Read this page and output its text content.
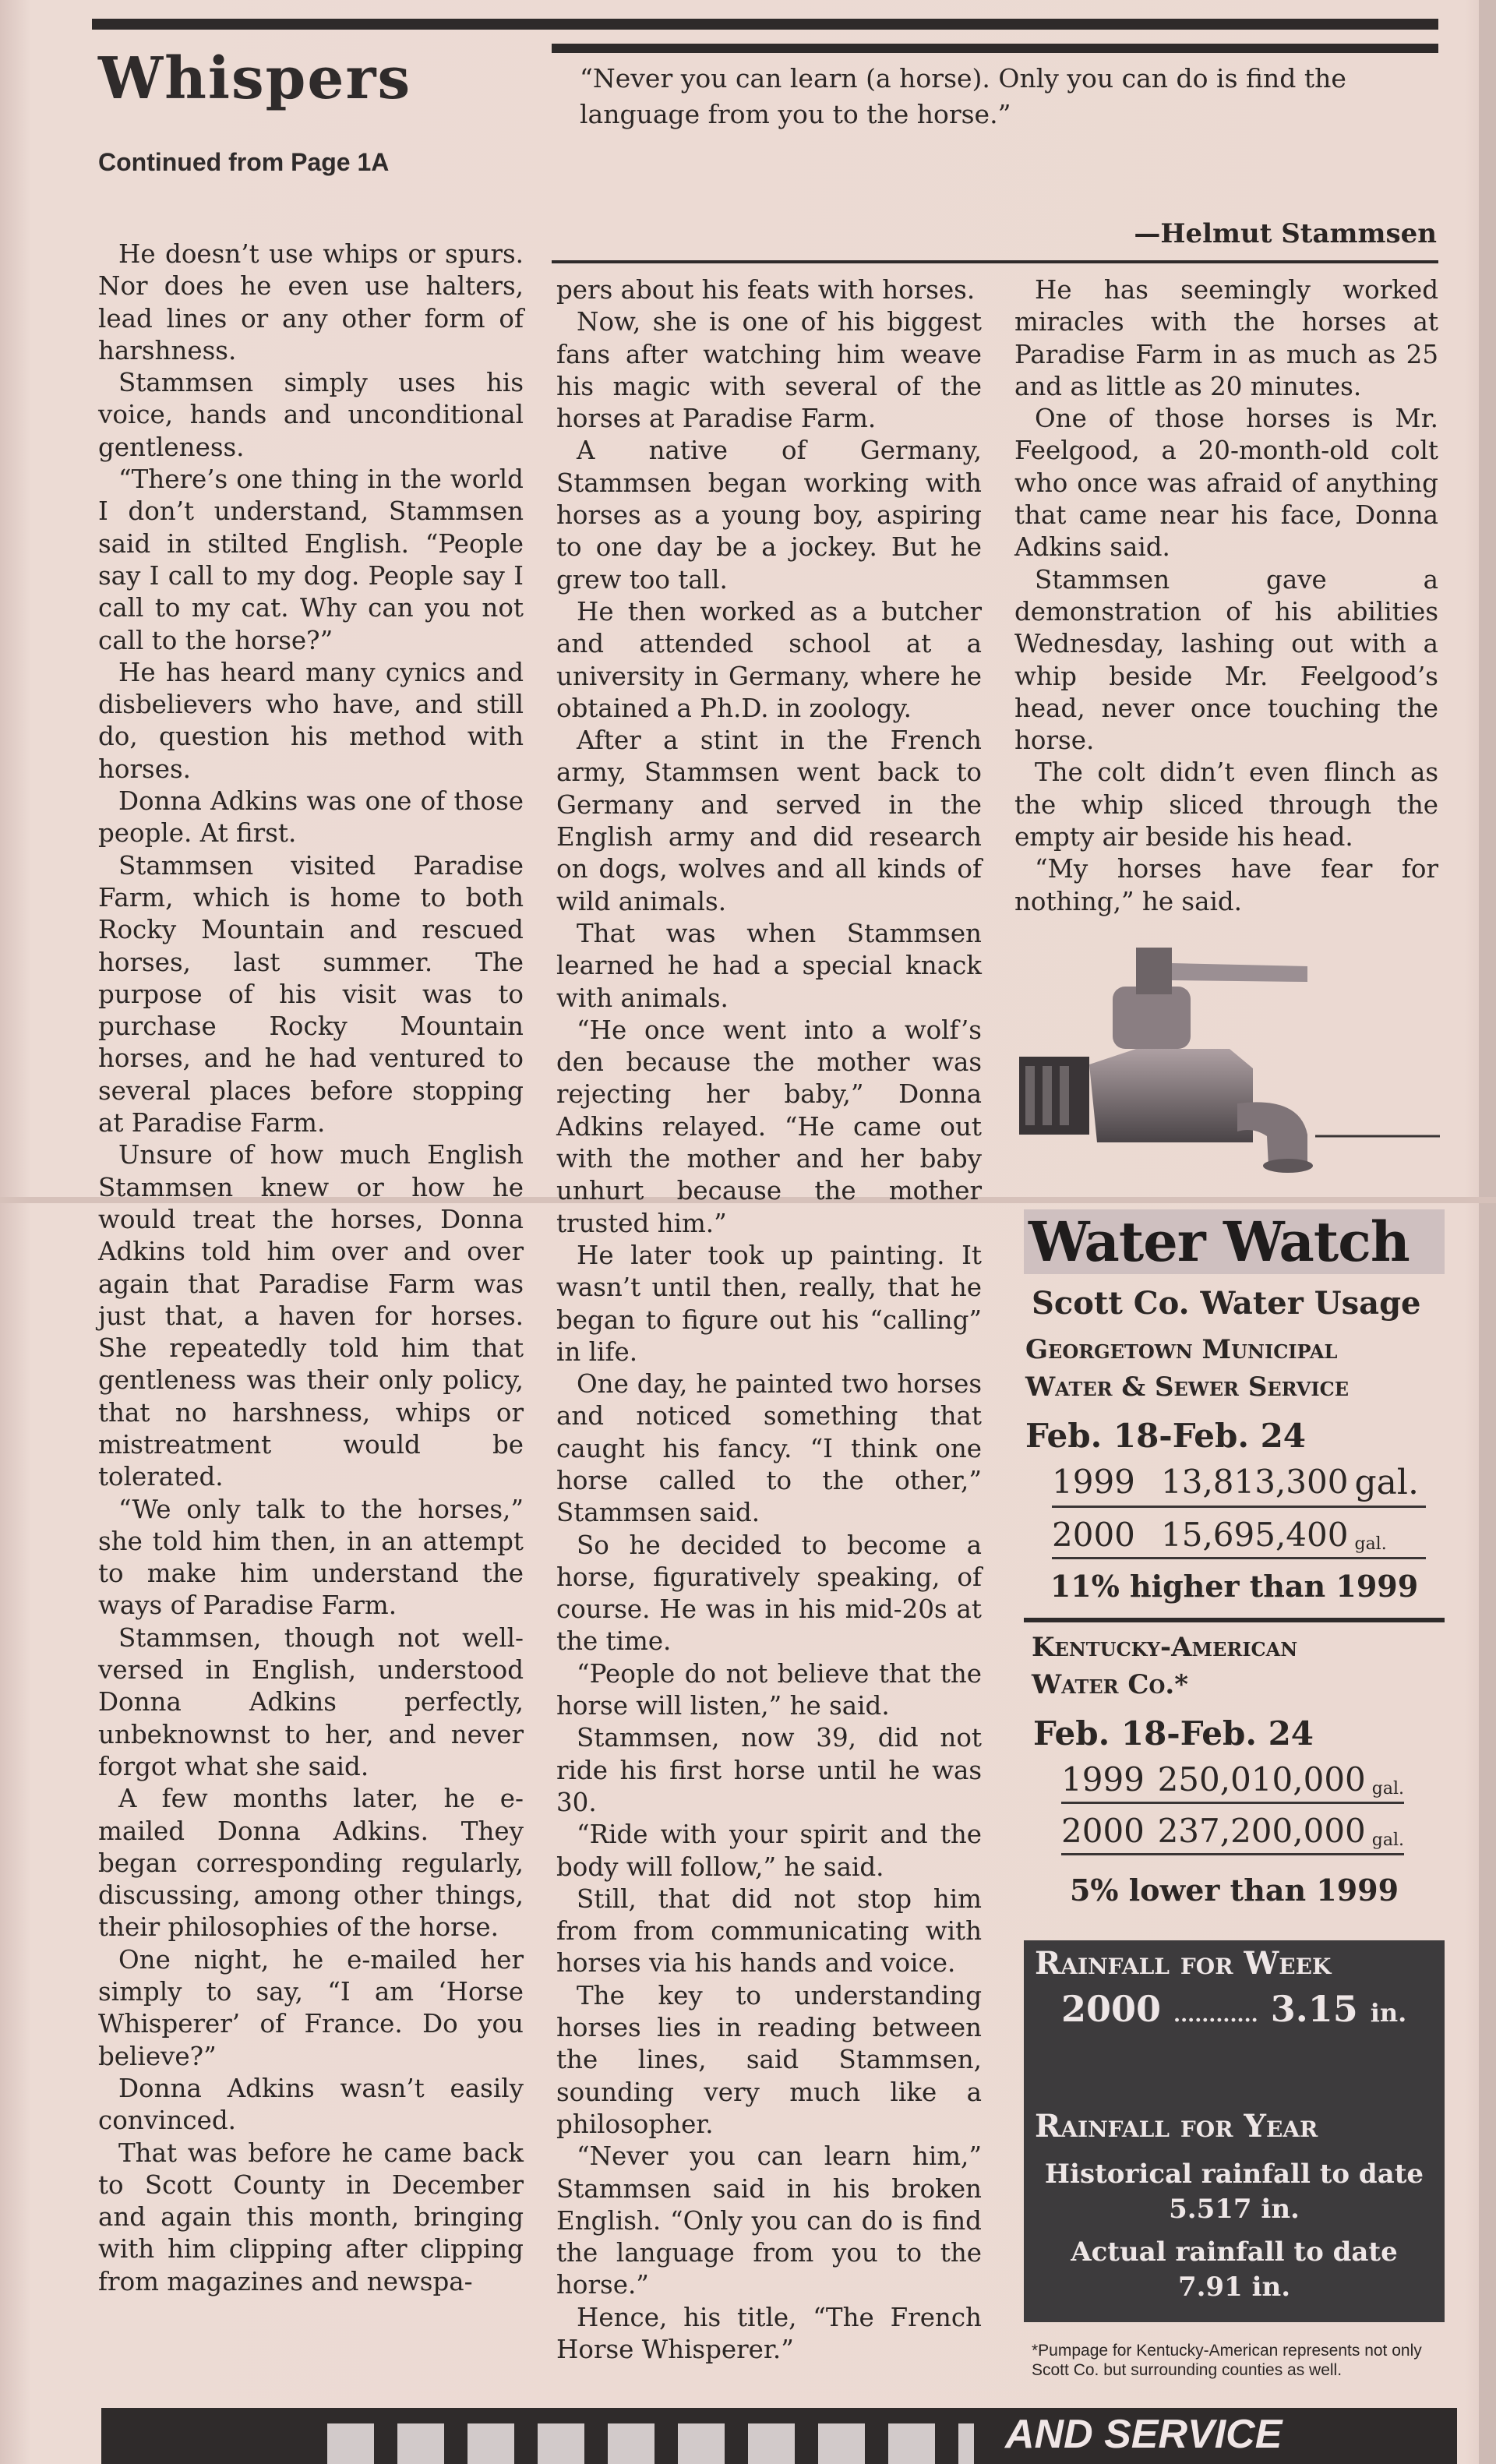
Whispers
Continued from Page 1A
“Never you can learn (a horse). Only you can do is find the language from you to the horse.”
—Helmut Stammsen

He doesn’t use whips or spurs. Nor does he even use halters, lead lines or any other form of harshness.

Stammsen simply uses his voice, hands and unconditional gentleness.

“There’s one thing in the world I don’t understand, Stammsen said in stilted English. “People say I call to my dog. People say I call to my cat. Why can you not call to the horse?”

He has heard many cynics and disbelievers who have, and still do, question his method with horses.

Donna Adkins was one of those people. At first.

Stammsen visited Paradise Farm, which is home to both Rocky Mountain and rescued horses, last summer. The purpose of his visit was to purchase Rocky Mountain horses, and he had ventured to several places before stopping at Paradise Farm.

Unsure of how much English Stammsen knew or how he would treat the horses, Donna Adkins told him over and over again that Paradise Farm was just that, a haven for horses. She repeatedly told him that gentleness was their only policy, that no harshness, whips or mistreatment would be tolerated.

“We only talk to the horses,” she told him then, in an attempt to make him understand the ways of Paradise Farm.

Stammsen, though not well-versed in English, understood Donna Adkins perfectly, unbeknownst to her, and never forgot what she said.

A few months later, he e-mailed Donna Adkins. They began corresponding regularly, discussing, among other things, their philosophies of the horse.

One night, he e-mailed her simply to say, “I am ‘Horse Whisperer’ of France. Do you believe?”

Donna Adkins wasn’t easily convinced.

That was before he came back to Scott County in December and again this month, bringing with him clipping after clipping from magazines and newspa-

pers about his feats with horses.

Now, she is one of his biggest fans after watching him weave his magic with several of the horses at Paradise Farm.

A native of Germany, Stammsen began working with horses as a young boy, aspiring to one day be a jockey. But he grew too tall.

He then worked as a butcher and attended school at a university in Germany, where he obtained a Ph.D. in zoology.

After a stint in the French army, Stammsen went back to Germany and served in the English army and did research on dogs, wolves and all kinds of wild animals.

That was when Stammsen learned he had a special knack with animals.

“He once went into a wolf’s den because the mother was rejecting her baby,” Donna Adkins relayed. “He came out with the mother and her baby unhurt because the mother trusted him.”

He later took up painting. It wasn’t until then, really, that he began to figure out his “calling” in life.

One day, he painted two horses and noticed something that caught his fancy. “I think one horse called to the other,” Stammsen said.

So he decided to become a horse, figuratively speaking, of course. He was in his mid-20s at the time.

“People do not believe that the horse will listen,” he said.

Stammsen, now 39, did not ride his first horse until he was 30.

“Ride with your spirit and the body will follow,” he said.

Still, that did not stop him from from communicating with horses via his hands and voice.

The key to understanding horses lies in reading between the lines, said Stammsen, sounding very much like a philosopher.

“Never you can learn him,” Stammsen said in his broken English. “Only you can do is find the language from you to the horse.”

Hence, his title, “The French Horse Whisperer.”

He has seemingly worked miracles with the horses at Paradise Farm in as much as 25 and as little as 20 minutes.

One of those horses is Mr. Feelgood, a 20-month-old colt who once was afraid of anything that came near his face, Donna Adkins said.

Stammsen gave a demonstration of his abilities Wednesday, lashing out with a whip beside Mr. Feelgood’s head, never once touching the horse.

The colt didn’t even flinch as the whip sliced through the empty air beside his head.

“My horses have fear for nothing,” he said.

Water Watch
Scott Co. Water Usage
Georgetown Municipal
Water & Sewer Service
Feb. 18-Feb. 24
1999 13,813,300 gal.
2000 15,695,400 gal.
11% higher than 1999
Kentucky-American
Water Co.*
Feb. 18-Feb. 24
1999 250,010,000 gal.
2000 237,200,000 gal.
5% lower than 1999
Rainfall for Week
2000 ............ 3.15 in.
Rainfall for Year
Historical rainfall to date
5.517 in.
Actual rainfall to date
7.91 in.
*Pumpage for Kentucky-American represents not only Scott Co. but surrounding counties as well.
AND SERVICE
